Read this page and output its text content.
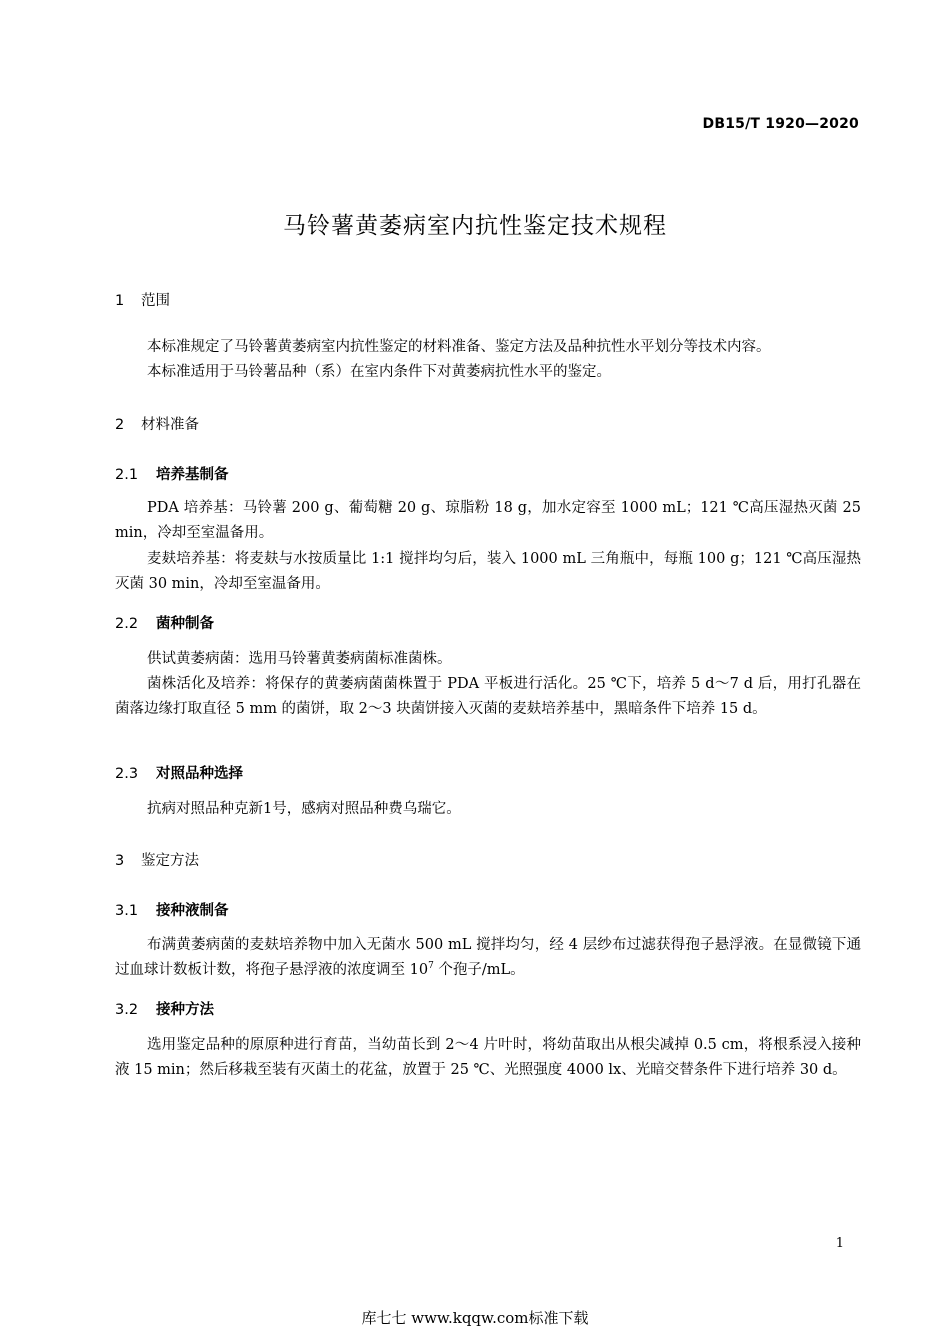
DB15/T 1920—2020
马铃薯黄萎病室内抗性鉴定技术规程
1 范围
本标准规定了马铃薯黄萎病室内抗性鉴定的材料准备、鉴定方法及品种抗性水平划分等技术内容。
本标准适用于马铃薯品种（系）在室内条件下对黄萎病抗性水平的鉴定。
2 材料准备
2.1 培养基制备
PDA 培养基：马铃薯 200 g、葡萄糖 20 g、琼脂粉 18 g，加水定容至 1000 mL；121 ℃高压湿热灭菌 25 min，冷却至室温备用。
麦麸培养基：将麦麸与水按质量比 1:1 搅拌均匀后，装入 1000 mL 三角瓶中，每瓶 100 g；121 ℃高压湿热灭菌 30 min，冷却至室温备用。
2.2 菌种制备
供试黄萎病菌：选用马铃薯黄萎病菌标准菌株。
菌株活化及培养：将保存的黄萎病菌菌株置于 PDA 平板进行活化。25 ℃下，培养 5 d～7 d 后，用打孔器在菌落边缘打取直径 5 mm 的菌饼，取 2～3 块菌饼接入灭菌的麦麸培养基中，黑暗条件下培养 15 d。
2.3 对照品种选择
抗病对照品种克新1号，感病对照品种费乌瑞它。
3 鉴定方法
3.1 接种液制备
布满黄萎病菌的麦麸培养物中加入无菌水 500 mL 搅拌均匀，经 4 层纱布过滤获得孢子悬浮液。在显微镜下通过血球计数板计数，将孢子悬浮液的浓度调至 $10^7$ 个孢子/mL。
3.2 接种方法
选用鉴定品种的原原种进行育苗，当幼苗长到 2～4 片叶时，将幼苗取出从根尖减掉 0.5 cm，将根系浸入接种液 15 min；然后移栽至装有灭菌土的花盆，放置于 25 ℃、光照强度 4000 lx、光暗交替条件下进行培养 30 d。
1
库七七 www.kqqw.com标准下载
